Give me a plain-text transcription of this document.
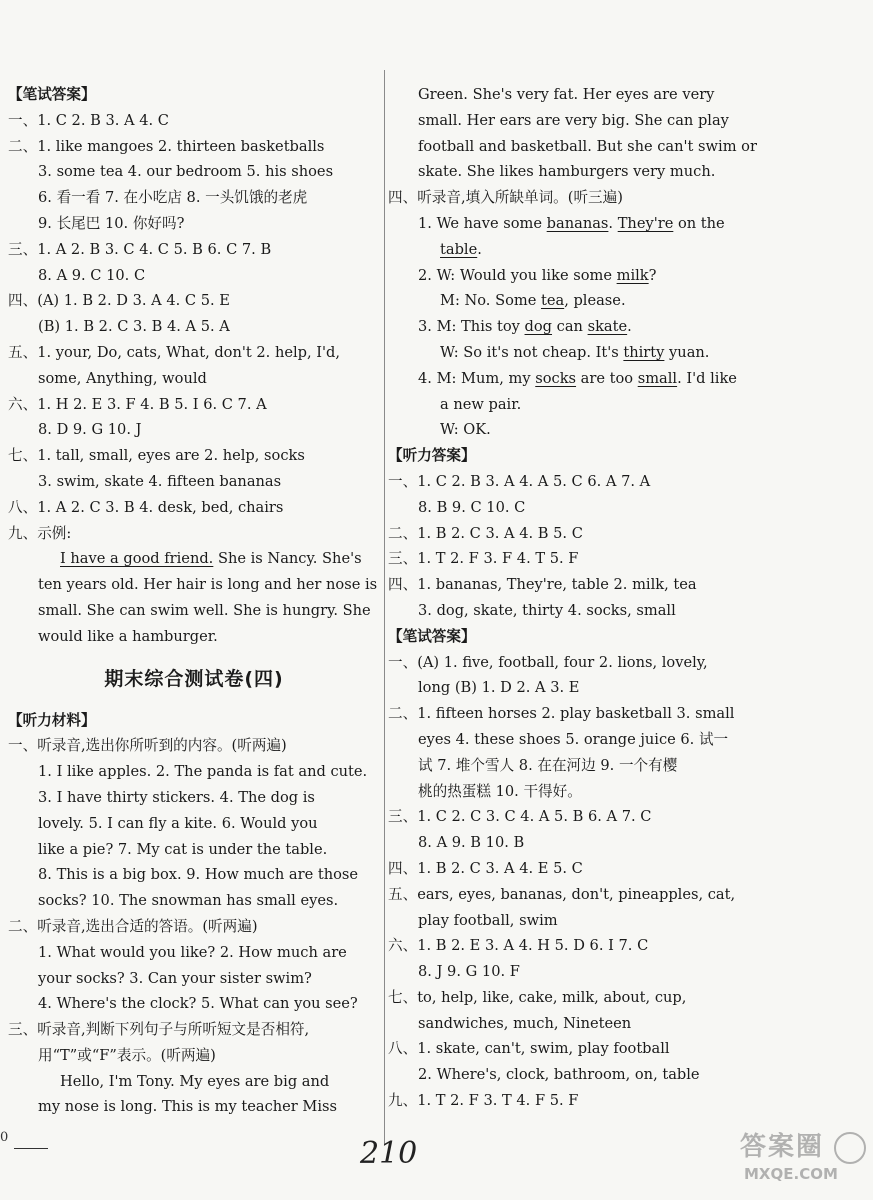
【笔试答案】
一、1. C 2. B 3. A 4. C
二、1. like mangoes 2. thirteen basketballs
3. some tea 4. our bedroom 5. his shoes
6. 看一看 7. 在小吃店 8. 一头饥饿的老虎
9. 长尾巴 10. 你好吗?
三、1. A 2. B 3. C 4. C 5. B 6. C 7. B
8. A 9. C 10. C
四、(A) 1. B 2. D 3. A 4. C 5. E
(B) 1. B 2. C 3. B 4. A 5. A
五、1. your, Do, cats, What, don't 2. help, I'd,
some, Anything, would
六、1. H 2. E 3. F 4. B 5. I 6. C 7. A
8. D 9. G 10. J
七、1. tall, small, eyes are 2. help, socks
3. swim, skate 4. fifteen bananas
八、1. A 2. C 3. B 4. desk, bed, chairs
九、示例:
I have a good friend. She is Nancy. She's
ten years old. Her hair is long and her nose is
small. She can swim well. She is hungry. She
would like a hamburger.
期末综合测试卷(四)
【听力材料】
一、听录音,选出你所听到的内容。(听两遍)
1. I like apples. 2. The panda is fat and cute.
3. I have thirty stickers. 4. The dog is
lovely. 5. I can fly a kite. 6. Would you
like a pie? 7. My cat is under the table.
8. This is a big box. 9. How much are those
socks? 10. The snowman has small eyes.
二、听录音,选出合适的答语。(听两遍)
1. What would you like? 2. How much are
your socks? 3. Can your sister swim?
4. Where's the clock? 5. What can you see?
三、听录音,判断下列句子与所听短文是否相符,
用“T”或“F”表示。(听两遍)
Hello, I'm Tony. My eyes are big and
my nose is long. This is my teacher Miss
Green. She's very fat. Her eyes are very
small. Her ears are very big. She can play
football and basketball. But she can't swim or
skate. She likes hamburgers very much.
四、听录音,填入所缺单词。(听三遍)
1. We have some bananas. They're on the
table.
2. W: Would you like some milk?
M: No. Some tea, please.
3. M: This toy dog can skate.
W: So it's not cheap. It's thirty yuan.
4. M: Mum, my socks are too small. I'd like
a new pair.
W: OK.
【听力答案】
一、1. C 2. B 3. A 4. A 5. C 6. A 7. A
8. B 9. C 10. C
二、1. B 2. C 3. A 4. B 5. C
三、1. T 2. F 3. F 4. T 5. F
四、1. bananas, They're, table 2. milk, tea
3. dog, skate, thirty 4. socks, small
【笔试答案】
一、(A) 1. five, football, four 2. lions, lovely,
long (B) 1. D 2. A 3. E
二、1. fifteen horses 2. play basketball 3. small
eyes 4. these shoes 5. orange juice 6. 试一
试 7. 堆个雪人 8. 在在河边 9. 一个有樱
桃的热蛋糕 10. 干得好。
三、1. C 2. C 3. C 4. A 5. B 6. A 7. C
8. A 9. B 10. B
四、1. B 2. C 3. A 4. E 5. C
五、ears, eyes, bananas, don't, pineapples, cat,
play football, swim
六、1. B 2. E 3. A 4. H 5. D 6. I 7. C
8. J 9. G 10. F
七、to, help, like, cake, milk, about, cup,
sandwiches, much, Nineteen
八、1. skate, can't, swim, play football
2. Where's, clock, bathroom, on, table
九、1. T 2. F 3. T 4. F 5. F
0	210	答案圈
MXQE.COM
